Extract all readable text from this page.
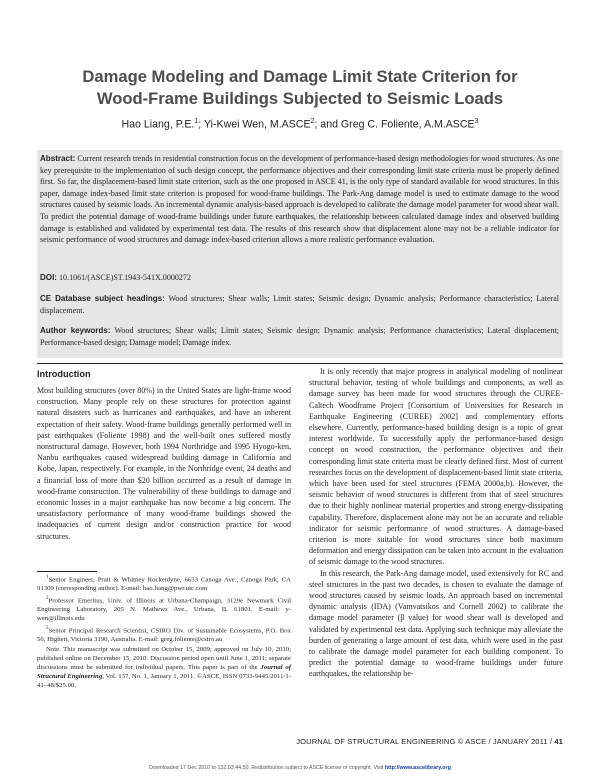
Damage Modeling and Damage Limit State Criterion for
Wood-Frame Buildings Subjected to Seismic Loads
Hao Liang, P.E.$^1$; Yi-Kwei Wen, M.ASCE$^2$; and Greg C. Foliente, A.M.ASCE$^3$
Abstract: Current research trends in residential construction focus on the development of performance-based design methodologies for wood structures. As one key prerequisite to the implementation of such design concept, the performance objectives and their corresponding limit state criteria must be properly defined first. So far, the displacement-based limit state criterion, such as the one proposed in ASCE 41, is the only type of standard available for wood structures. In this paper, damage index-based limit state criterion is proposed for wood-frame buildings. The Park-Ang damage model is used to estimate damage to the wood structures caused by seismic loads. An incremental dynamic analysis-based approach is developed to calibrate the damage model parameter for wood shear wall. To predict the potential damage of wood-frame buildings under future earthquakes, the relationship between calculated damage index and observed building damage is established and validated by experimental test data. The results of this research show that displacement alone may not be a reliable indicator for seismic performance of wood structures and damage index-based criterion allows a more realistic performance evaluation.
DOI: 10.1061/(ASCE)ST.1943-541X.0000272
CE Database subject headings: Wood structures; Shear walls; Limit states; Seismic design; Dynamic analysis; Performance characteristics; Lateral displacement.
Author keywords: Wood structures; Shear walls; Limit states; Seismic design; Dynamic analysis; Performance characteristics; Lateral displacement; Performance-based design; Damage model; Damage index.
Introduction

Most building structures (over 80%) in the United States are light-frame wood construction. Many people rely on these structures for protection against natural disasters such as hurricanes and earthquakes, and have an inherent expectation of their safety. Wood-frame buildings generally performed well in past earthquakes (Foliente 1998) and the well-built ones suffered mostly nonstructural damage. However, both 1994 Northridge and 1995 Hyogo-ken, Nanbu earthquakes caused widespread building damage in California and Kobe, Japan, respectively. For example, in the Northridge event, 24 deaths and a financial loss of more than $20 billion occurred as a result of damage in wood-frame construction. The vulnerability of these buildings to damage and economic losses in a major earthquake has now become a big concern. The unsatisfactory performance of many wood-frame buildings showed the inadequacies of current design and/or construction practice for wood structures.

$^1$Senior Engineer, Pratt & Whitney Rocketdyne, 6633 Canoga Ave., Canoga Park, CA 91309 (corresponding author). E-mail: hao.liang@pwr.utc.com

$^2$Professor Emeritus, Univ. of Illinois at Urbana-Champaign, 3129e Newmark Civil Engineering Laboratory, 205 N. Mathews Ave., Urbana, IL 61801. E-mail: y-wen@illinois.edu

$^3$Senior Principal Research Scientist, CSIRO Div. of Sustainable Ecosystems, P.O. Box 56, Highett, Victoria 3190, Australia. E-mail: greg.foliente@csiro.au

Note. This manuscript was submitted on October 15, 2009; approved on July 10, 2010; published online on December 15, 2010. Discussion period open until June 1, 2011; separate discussions must be submitted for individual papers. This paper is part of the Journal of Structural Engineering, Vol. 137, No. 1, January 1, 2011. ©ASCE, ISSN 0733-9445/2011/1-41–48/$25.00.

It is only recently that major progress in analytical modeling of nonlinear structural behavior, testing of whole buildings and components, as well as damage survey has been made for wood structures through the CUREE-Caltech Woodframe Project [Consortium of Universities for Research in Earthquake Engineering (CUREE) 2002] and complementary efforts elsewhere. Currently, performance-based building design is a topic of great interest worldwide. To successfully apply the performance-based design concept on wood construction, the performance objectives and their corresponding limit state criteria must be clearly defined first. Most of current researches focus on the development of displacement-based limit state criteria, which have been used for steel structures (FEMA 2000a,b). However, the seismic behavior of wood structures is different from that of steel structures due to their highly nonlinear material properties and strong energy-dissipating capability. Therefore, displacement alone may not be an accurate and reliable indicator for seismic performance of wood structures. A damage-based criterion is more suitable for wood structures since both maximum deformation and energy dissipation can be taken into account in the evaluation of seismic damage to the wood structures.

In this research, the Park-Ang damage model, used extensively for RC and steel structures in the past two decades, is chosen to evaluate the damage of wood structures caused by seismic loads. An approach based on incremental dynamic analysis (IDA) (Vamvatsikos and Cornell 2002) to calibrate the damage model parameter (β value) for wood shear wall is developed and validated by experimental test data. Applying such technique may alleviate the burden of generating a large amount of test data, which were used in the past to calibrate the damage model parameter for each building component. To predict the potential damage to wood-frame buildings under future earthquakes, the relationship be-

JOURNAL OF STRUCTURAL ENGINEERING © ASCE / JANUARY 2011 / 41
Downloaded 17 Dec 2010 to 132.03.44.50. Redistribution subject to ASCE license or copyright. Visit http://www.ascelibrary.org
